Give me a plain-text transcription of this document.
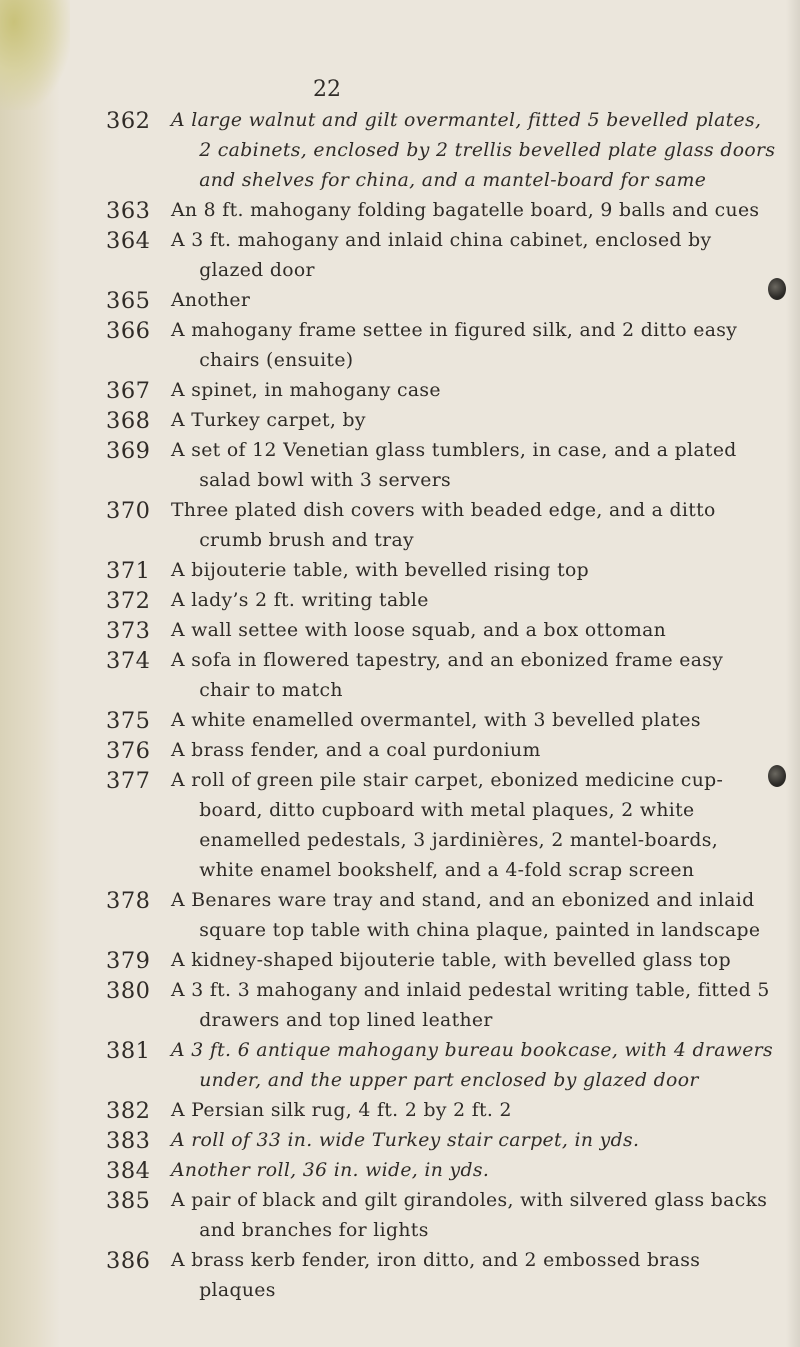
22
362 A large walnut and gilt overmantel, fitted 5 bevelled plates, 2 cabinets, enclosed by 2 trellis bevelled plate glass doors and shelves for china, and a mantel-board for same
363 An 8 ft. mahogany folding bagatelle board, 9 balls and cues
364 A 3 ft. mahogany and inlaid china cabinet, enclosed by glazed door
365 Another
366 A mahogany frame settee in figured silk, and 2 ditto easy chairs (ensuite)
367 A spinet, in mahogany case
368 A Turkey carpet, by
369 A set of 12 Venetian glass tumblers, in case, and a plated salad bowl with 3 servers
370 Three plated dish covers with beaded edge, and a ditto crumb brush and tray
371 A bijouterie table, with bevelled rising top
372 A lady’s 2 ft. writing table
373 A wall settee with loose squab, and a box ottoman
374 A sofa in flowered tapestry, and an ebonized frame easy chair to match
375 A white enamelled overmantel, with 3 bevelled plates
376 A brass fender, and a coal purdonium
377 A roll of green pile stair carpet, ebonized medicine cup-board, ditto cupboard with metal plaques, 2 white enamelled pedestals, 3 jardinières, 2 mantel-boards, white enamel bookshelf, and a 4-fold scrap screen
378 A Benares ware tray and stand, and an ebonized and inlaid square top table with china plaque, painted in landscape
379 A kidney-shaped bijouterie table, with bevelled glass top
380 A 3 ft. 3 mahogany and inlaid pedestal writing table, fitted 5 drawers and top lined leather
381 A 3 ft. 6 antique mahogany bureau bookcase, with 4 drawers under, and the upper part enclosed by glazed door
382 A Persian silk rug, 4 ft. 2 by 2 ft. 2
383 A roll of 33 in. wide Turkey stair carpet, in yds.
384 Another roll, 36 in. wide, in yds.
385 A pair of black and gilt girandoles, with silvered glass backs and branches for lights
386 A brass kerb fender, iron ditto, and 2 embossed brass plaques
